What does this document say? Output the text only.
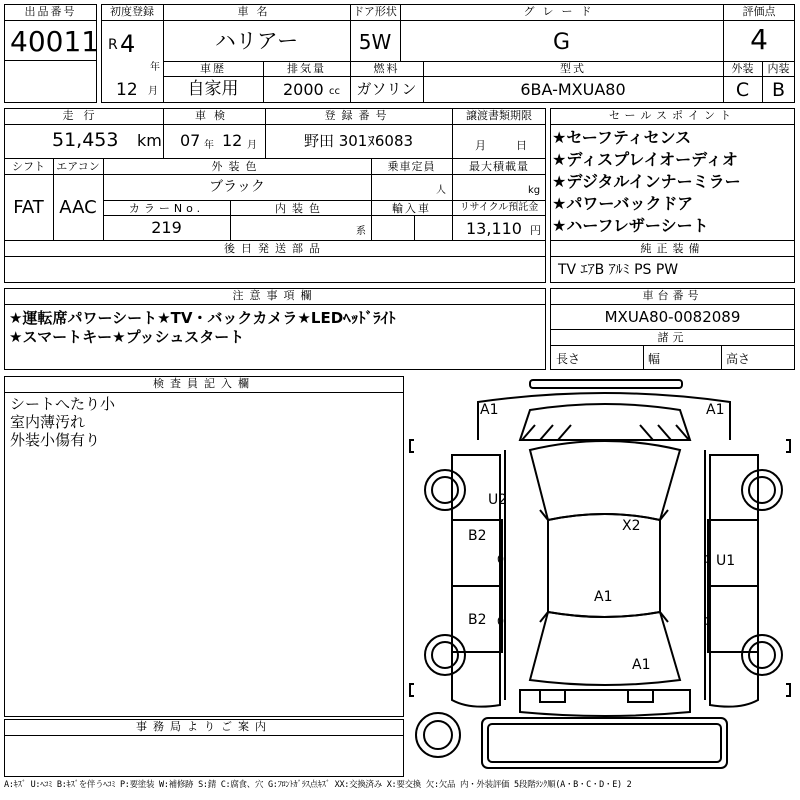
出品番号
40011
初度登録
R 4
年
12 月
車名
ハリアー
ドア形状
5W
グレード
G
評価点
4
車歴
自家用
排気量
2000 cc
燃料
ガソリン
型式
6BA-MXUA80
外装	内装
C	B
走行
51,453 km
車検
07 年 12 月
登録番号
野田 301ﾇ6083
譲渡書類期限
月	日
シフト
FAT
エアコン
AAC
外装色
ブラック
乗車定員
人
最大積載量
kg
カラーNo.
219
内装色
系
輸入車	リサイクル預託金
13,110 円
後日発送部品
セールスポイント
★セーフティセンス
★ディスプレイオーディオ
★デジタルインナーミラー
★パワーバックドア
★ハーフレザーシート
純正装備
TV ｴｱB ｱﾙﾐ PS PW
注意事項欄
★運転席パワーシート★TV・バックカメラ★LEDﾍｯﾄﾞﾗｲﾄ
★スマートキー★プッシュスタート
車台番号
MXUA80-0082089
諸元
長さ	幅	高さ
検査員記入欄
シートへたり小
室内薄汚れ
外装小傷有り
事務局よりご案内
A1	A1
U2
X2
B2
U1
A1
B2
A1
0
0
0
0
A:ｷｽﾞ U:ﾍｺﾐ B:ｷｽﾞを伴うﾍｺﾐ P:要塗装 W:補修跡 S:錆 C:腐食、穴 G:ﾌﾛﾝﾄｶﾞﾗｽ点ｷｽﾞ XX:交換済み X:要交換 欠:欠品 内・外装評価 5段階ﾗﾝｸ順(A・B・C・D・E) 2
